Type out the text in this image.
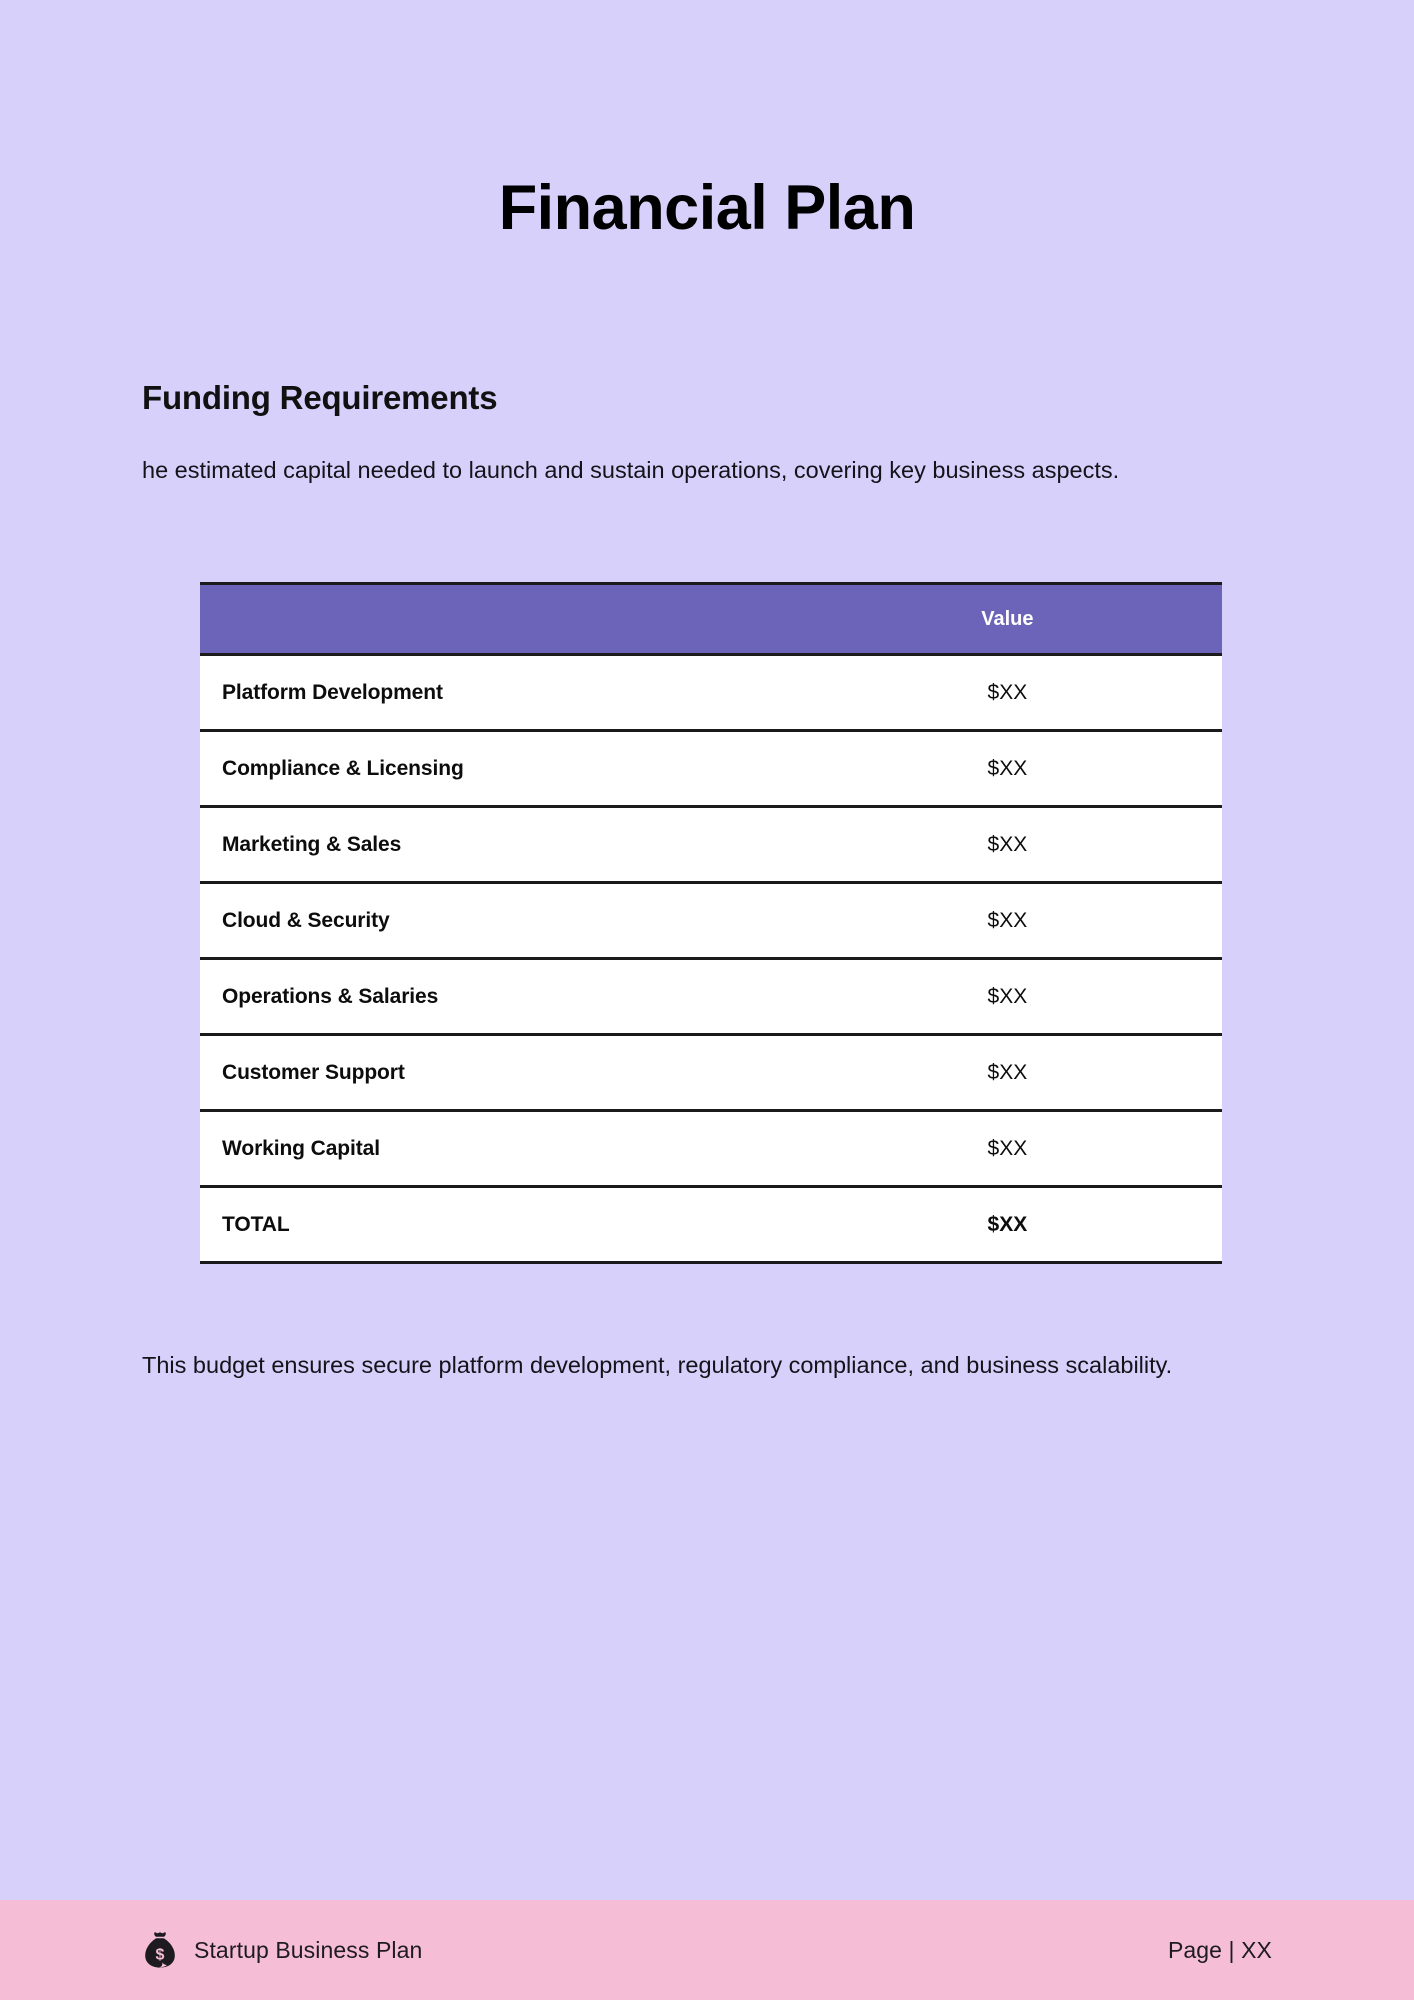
Financial Plan
Funding Requirements

he estimated capital needed to launch and sustain operations, covering key business aspects.

	Value
Platform Development	$XX
Compliance & Licensing	$XX
Marketing & Sales	$XX
Cloud & Security	$XX
Operations & Salaries	$XX
Customer Support	$XX
Working Capital	$XX
TOTAL	$XX

This budget ensures secure platform development, regulatory compliance, and business scalability.

$ Startup Business Plan	Page | XX
